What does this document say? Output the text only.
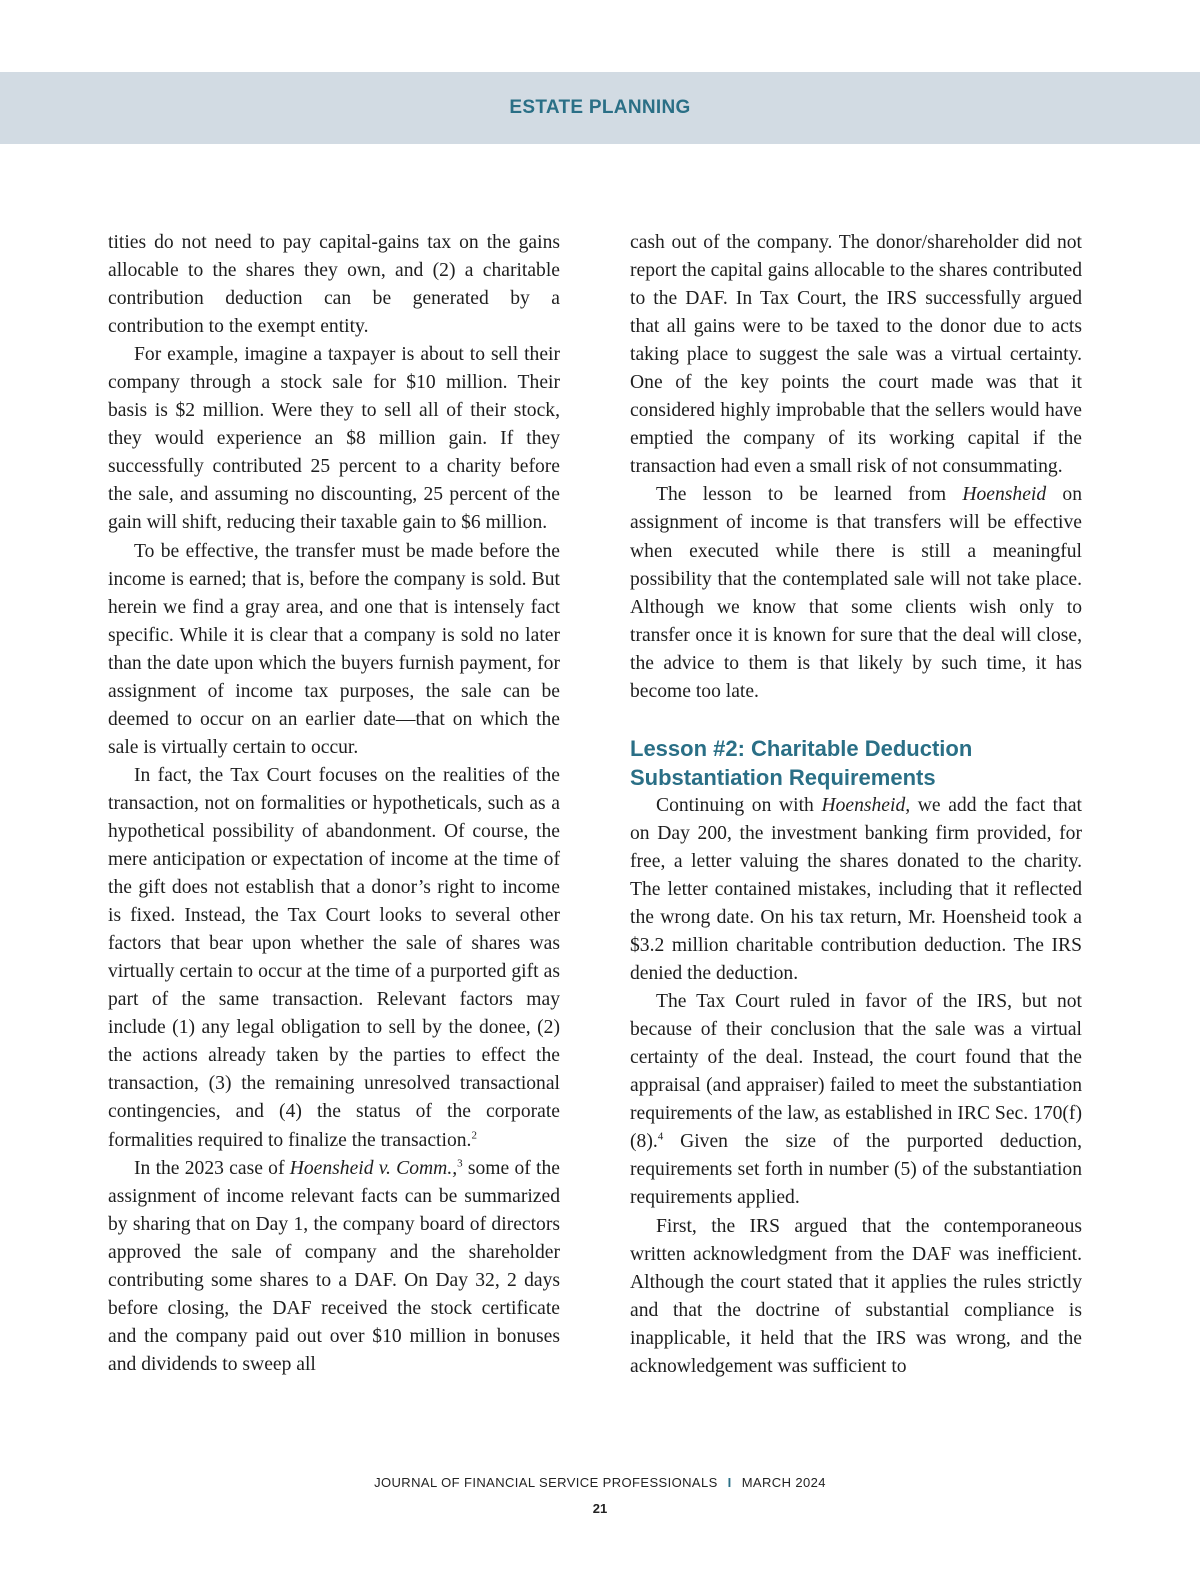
ESTATE PLANNING

tities do not need to pay capital-gains tax on the gains allocable to the shares they own, and (2) a charitable contribution deduction can be generated by a contribution to the exempt entity.

For example, imagine a taxpayer is about to sell their company through a stock sale for $10 million. Their basis is $2 million. Were they to sell all of their stock, they would experience an $8 million gain. If they successfully contributed 25 percent to a charity before the sale, and assuming no discounting, 25 percent of the gain will shift, reducing their taxable gain to $6 million.

To be effective, the transfer must be made before the income is earned; that is, before the company is sold. But herein we find a gray area, and one that is intensely fact specific. While it is clear that a company is sold no later than the date upon which the buyers furnish payment, for assignment of income tax purposes, the sale can be deemed to occur on an earlier date—that on which the sale is virtually certain to occur.

In fact, the Tax Court focuses on the realities of the transaction, not on formalities or hypotheticals, such as a hypothetical possibility of abandonment. Of course, the mere anticipation or expectation of income at the time of the gift does not establish that a donor’s right to income is fixed. Instead, the Tax Court looks to several other factors that bear upon whether the sale of shares was virtually certain to occur at the time of a purported gift as part of the same transaction. Relevant factors may include (1) any legal obligation to sell by the donee, (2) the actions already taken by the parties to effect the transaction, (3) the remaining unresolved transactional contingencies, and (4) the status of the corporate formalities required to finalize the transaction.$^2$

In the 2023 case of Hoensheid v. Comm.,$^3$ some of the assignment of income relevant facts can be summarized by sharing that on Day 1, the company board of directors approved the sale of company and the shareholder contributing some shares to a DAF. On Day 32, 2 days before closing, the DAF received the stock certificate and the company paid out over $10 million in bonuses and dividends to sweep all

cash out of the company. The donor/shareholder did not report the capital gains allocable to the shares contributed to the DAF. In Tax Court, the IRS successfully argued that all gains were to be taxed to the donor due to acts taking place to suggest the sale was a virtual certainty. One of the key points the court made was that it considered highly improbable that the sellers would have emptied the company of its working capital if the transaction had even a small risk of not consummating.

The lesson to be learned from Hoensheid on assignment of income is that transfers will be effective when executed while there is still a meaningful possibility that the contemplated sale will not take place. Although we know that some clients wish only to transfer once it is known for sure that the deal will close, the advice to them is that likely by such time, it has become too late.

Lesson #2: Charitable Deduction Substantiation Requirements

Continuing on with Hoensheid, we add the fact that on Day 200, the investment banking firm provided, for free, a letter valuing the shares donated to the charity. The letter contained mistakes, including that it reflected the wrong date. On his tax return, Mr. Hoensheid took a $3.2 million charitable contribution deduction. The IRS denied the deduction.

The Tax Court ruled in favor of the IRS, but not because of their conclusion that the sale was a virtual certainty of the deal. Instead, the court found that the appraisal (and appraiser) failed to meet the substantiation requirements of the law, as established in IRC Sec. 170(f)(8).$^4$ Given the size of the purported deduction, requirements set forth in number (5) of the substantiation requirements applied.

First, the IRS argued that the contemporaneous written acknowledgment from the DAF was inefficient. Although the court stated that it applies the rules strictly and that the doctrine of substantial compliance is inapplicable, it held that the IRS was wrong, and the acknowledgement was sufficient to

JOURNAL OF FINANCIAL SERVICE PROFESSIONALS I MARCH 2024
21
